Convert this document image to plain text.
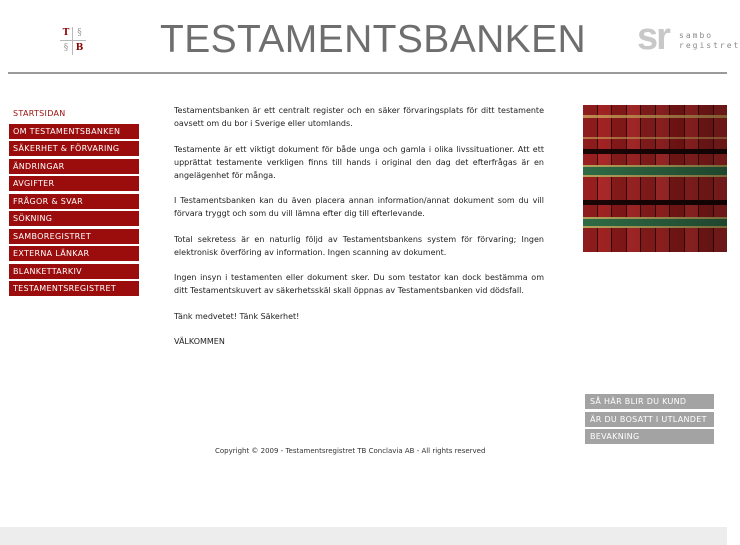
T §
§ B TESTAMENTSBANKEN sr sambo
registret
STARTSIDAN
OM TESTAMENTSBANKEN
SÄKERHET & FÖRVARING
ÄNDRINGAR
AVGIFTER
FRÅGOR & SVAR
SÖKNING
SAMBOREGISTRET
EXTERNA LÄNKAR
BLANKETTARKIV
TESTAMENTSREGISTRET

Testamentsbanken är ett centralt register och en säker förvaringsplats för ditt testamente oavsett om du bor i Sverige eller utomlands.

Testamente är ett viktigt dokument för både unga och gamla i olika livssituationer. Att ett upprättat testamente verkligen finns till hands i original den dag det efterfrågas är en angelägenhet för många.

I Testamentsbanken kan du även placera annan information/annat dokument som du vill förvara tryggt och som du vill lämna efter dig till efterlevande.

Total sekretess är en naturlig följd av Testamentsbankens system för förvaring; Ingen elektronisk överföring av information. Ingen scanning av dokument.

Ingen insyn i testamenten eller dokument sker. Du som testator kan dock bestämma om ditt Testamentskuvert av säkerhetsskäl skall öppnas av Testamentsbanken vid dödsfall.

Tänk medvetet! Tänk Säkerhet!

VÄLKOMMEN

SÅ HÄR BLIR DU KUND
ÄR DU BOSATT I UTLANDET
BEVAKNING
Copyright © 2009 - Testamentsregistret TB Conclavia AB - All rights reserved
